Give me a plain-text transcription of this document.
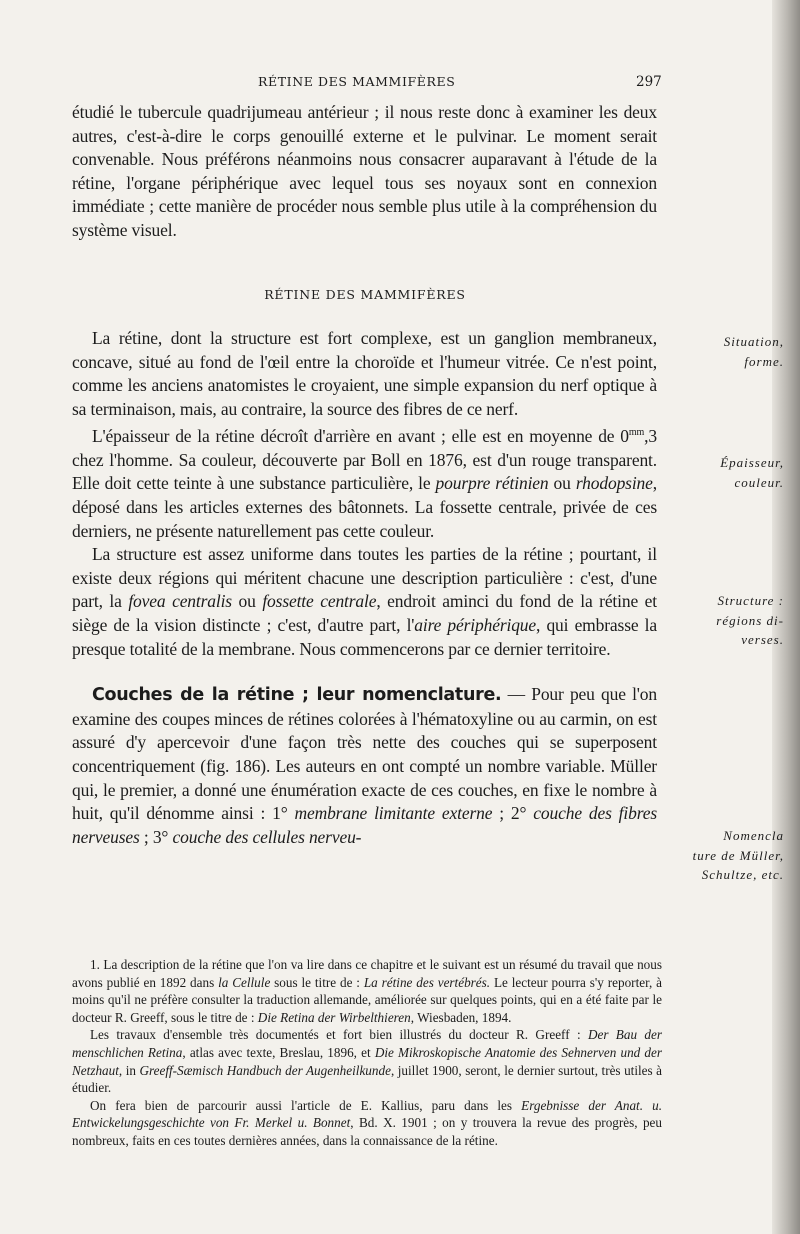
RÉTINE DES MAMMIFÈRES	297

étudié le tubercule quadrijumeau antérieur ; il nous reste donc à examiner les deux autres, c'est-à-dire le corps genouillé externe et le pulvinar. Le moment serait convenable. Nous préférons néanmoins nous consacrer auparavant à l'étude de la rétine, l'organe périphérique avec lequel tous ses noyaux sont en connexion immédiate ; cette manière de procéder nous semble plus utile à la compréhension du système visuel.

RÉTINE DES MAMMIFÈRES

La rétine, dont la structure est fort complexe, est un ganglion membraneux, concave, situé au fond de l'œil entre la choroïde et l'humeur vitrée. Ce n'est point, comme les anciens anatomistes le croyaient, une simple expansion du nerf optique à sa terminaison, mais, au contraire, la source des fibres de ce nerf.

L'épaisseur de la rétine décroît d'arrière en avant ; elle est en moyenne de $0^{mm},3$ chez l'homme. Sa couleur, découverte par Boll en 1876, est d'un rouge transparent. Elle doit cette teinte à une substance particulière, le pourpre rétinien ou rhodopsine, déposé dans les articles externes des bâtonnets. La fossette centrale, privée de ces derniers, ne présente naturellement pas cette couleur.

La structure est assez uniforme dans toutes les parties de la rétine ; pourtant, il existe deux régions qui méritent chacune une description particulière : c'est, d'une part, la fovea centralis ou fossette centrale, endroit aminci du fond de la rétine et siège de la vision distincte ; c'est, d'autre part, l'aire périphérique, qui embrasse la presque totalité de la membrane. Nous commencerons par ce dernier territoire.

Couches de la rétine ; leur nomenclature. — Pour peu que l'on examine des coupes minces de rétines colorées à l'hématoxyline ou au carmin, on est assuré d'y apercevoir d'une façon très nette des couches qui se superposent concentriquement (fig. 186). Les auteurs en ont compté un nombre variable. Müller qui, le premier, a donné une énumération exacte de ces couches, en fixe le nombre à huit, qu'il dénomme ainsi : 1° membrane limitante externe ; 2° couche des fibres nerveuses ; 3° couche des cellules nerveu-

Situation,
forme.
Épaisseur,
couleur.
Structure :
régions di-
verses.
Nomencla
ture de Müller,
Schultze, etc.

1. La description de la rétine que l'on va lire dans ce chapitre et le suivant est un résumé du travail que nous avons publié en 1892 dans la Cellule sous le titre de : La rétine des vertébrés. Le lecteur pourra s'y reporter, à moins qu'il ne préfère consulter la traduction allemande, améliorée sur quelques points, qui en a été faite par le docteur R. Greeff, sous le titre de : Die Retina der Wirbelthieren, Wiesbaden, 1894.

Les travaux d'ensemble très documentés et fort bien illustrés du docteur R. Greeff : Der Bau der menschlichen Retina, atlas avec texte, Breslau, 1896, et Die Mikroskopische Anatomie des Sehnerven und der Netzhaut, in Greeff-Sæmisch Handbuch der Augenheilkunde, juillet 1900, seront, le dernier surtout, très utiles à étudier.

On fera bien de parcourir aussi l'article de E. Kallius, paru dans les Ergebnisse der Anat. u. Entwickelungsgeschichte von Fr. Merkel u. Bonnet, Bd. X. 1901 ; on y trouvera la revue des progrès, peu nombreux, faits en ces toutes dernières années, dans la connaissance de la rétine.
